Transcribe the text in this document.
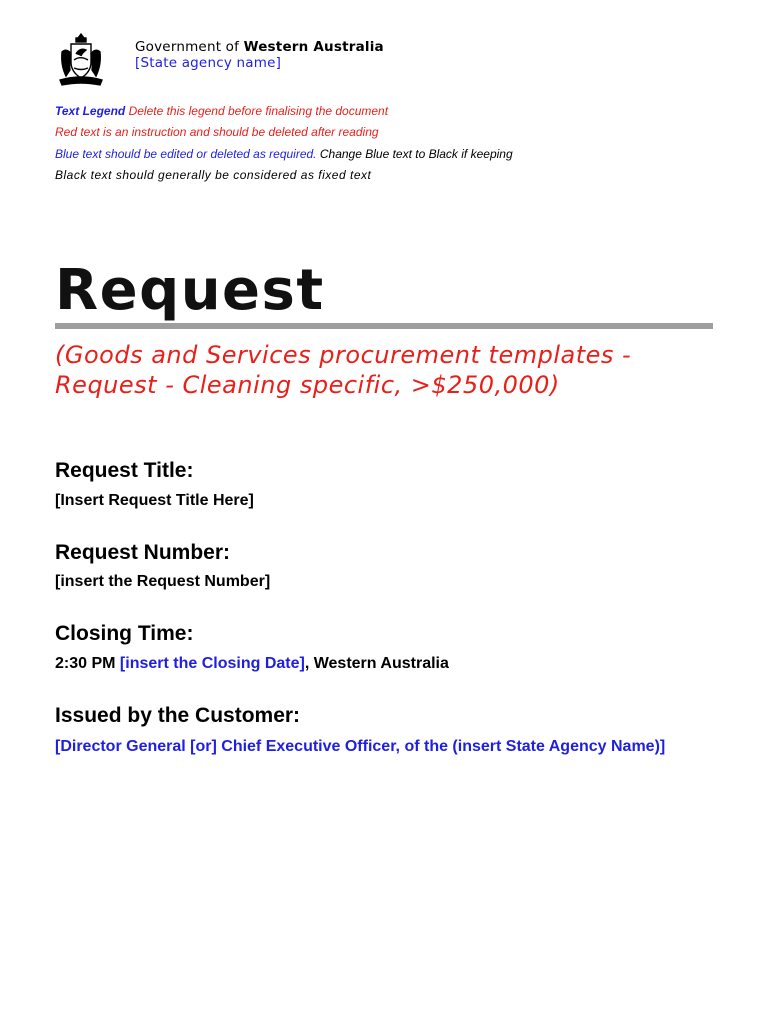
Government of Western Australia
[State agency name]
Text Legend Delete this legend before finalising the document
Red text is an instruction and should be deleted after reading
Blue text should be edited or deleted as required. Change Blue text to Black if keeping
Black text should generally be considered as fixed text
Request
(Goods and Services procurement templates - Request - Cleaning specific, >$250,000)
Request Title:
[Insert Request Title Here]
Request Number:
[insert the Request Number]
Closing Time:
2:30 PM [insert the Closing Date], Western Australia
Issued by the Customer:
[Director General [or] Chief Executive Officer, of the (insert State Agency Name)]
